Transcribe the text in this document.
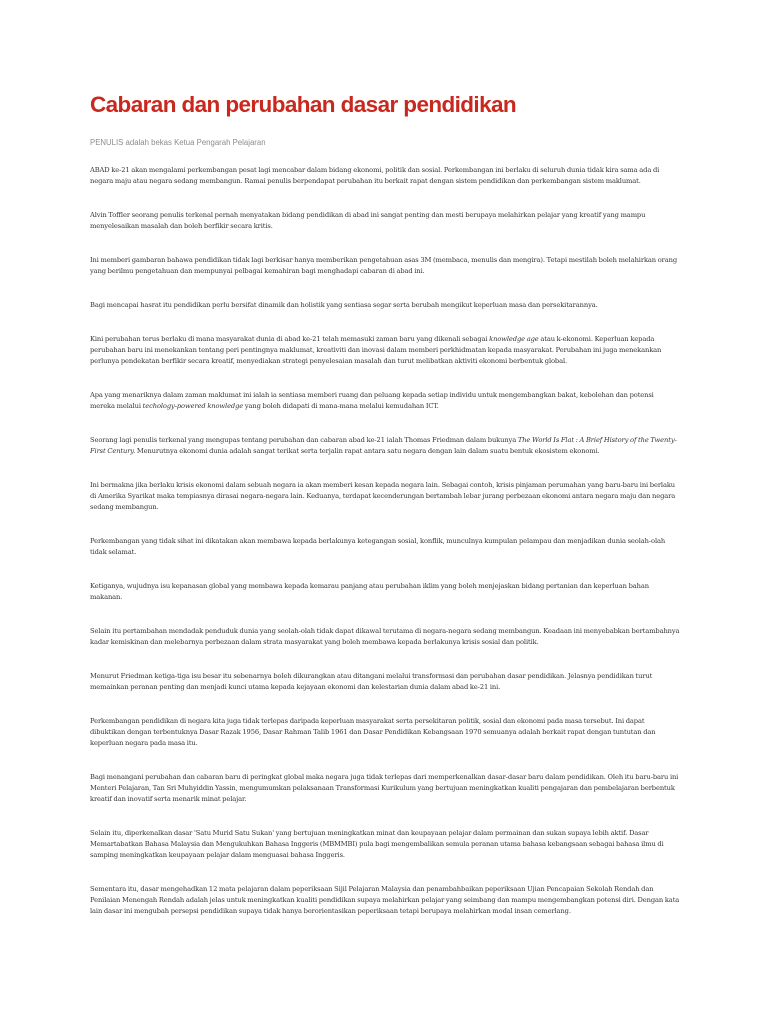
Cabaran dan perubahan dasar pendidikan
PENULIS adalah bekas Ketua Pengarah Pelajaran

ABAD ke-21 akan mengalami perkembangan pesat lagi mencabar dalam bidang ekonomi, politik dan sosial. Perkembangan ini berlaku di seluruh dunia tidak kira sama ada di negara maju atau negara sedang membangun. Ramai penulis berpendapat perubahan itu berkait rapat dengan sistem pendidikan dan perkembangan sistem maklumat.

Alvin Toffler seorang penulis terkenal pernah menyatakan bidang pendidikan di abad ini sangat penting dan mesti berupaya melahirkan pelajar yang kreatif yang mampu menyelesaikan masalah dan boleh berfikir secara kritis.

Ini memberi gambaran bahawa pendidikan tidak lagi berkisar hanya memberikan pengetahuan asas 3M (membaca, menulis dan mengira). Tetapi mestilah boleh melahirkan orang yang berilmu pengetahuan dan mempunyai pelbagai kemahiran bagi menghadapi cabaran di abad ini.

Bagi mencapai hasrat itu pendidikan perlu bersifat dinamik dan holistik yang sentiasa segar serta berubah mengikut keperluan masa dan persekitarannya.

Kini perubahan terus berlaku di mana masyarakat dunia di abad ke-21 telah memasuki zaman baru yang dikenali sebagai knowledge age atau k-ekonomi. Keperluan kepada perubahan baru ini menekankan tentang peri pentingnya maklumat, kreativiti dan inovasi dalam memberi perkhidmatan kepada masyarakat. Perubahan ini juga menekankan perlunya pendekatan berfikir secara kreatif, menyediakan strategi penyelesaian masalah dan turut melibatkan aktiviti ekonomi berbentuk global.

Apa yang menariknya dalam zaman maklumat ini ialah ia sentiasa memberi ruang dan peluang kepada setiap individu untuk mengembangkan bakat, kebolehan dan potensi mereka melalui techology-powered knowledge yang boleh didapati di mana-mana melalui kemudahan ICT.

Seorang lagi penulis terkenal yang mengupas tentang perubahan dan cabaran abad ke-21 ialah Thomas Friedman dalam bukunya The World Is Flat : A Brief History of the Twenty-First Century. Menurutnya ekonomi dunia adalah sangat terikat serta terjalin rapat antara satu negara dengan lain dalam suatu bentuk ekosistem ekonomi.

Ini bermakna jika berlaku krisis ekonomi dalam sebuah negara ia akan memberi kesan kepada negara lain. Sebagai contoh, krisis pinjaman perumahan yang baru-baru ini berlaku di Amerika Syarikat maka tempiasnya dirasai negara-negara lain. Keduanya, terdapat kecenderungan bertambah lebar jurang perbezaan ekonomi antara negara maju dan negara sedang membangun.

Perkembangan yang tidak sihat ini dikatakan akan membawa kepada berlakunya ketegangan sosial, konflik, munculnya kumpulan pelampau dan menjadikan dunia seolah-olah tidak selamat.

Ketiganya, wujudnya isu kepanasan global yang membawa kepada kemarau panjang atau perubahan iklim yang boleh menjejaskan bidang pertanian dan keperluan bahan makanan.

Selain itu pertambahan mendadak penduduk dunia yang seolah-olah tidak dapat dikawal terutama di negara-negara sedang membangun. Keadaan ini menyebabkan bertambahnya kadar kemiskinan dan melebarnya perbezaan dalam strata masyarakat yang boleh membawa kepada berlakunya krisis sosial dan politik.

Menurut Friedman ketiga-tiga isu besar itu sebenarnya boleh dikurangkan atau ditangani melalui transformasi dan perubahan dasar pendidikan. Jelasnya pendidikan turut memainkan peranan penting dan menjadi kunci utama kepada kejayaan ekonomi dan kelestarian dunia dalam abad ke-21 ini.

Perkembangan pendidikan di negara kita juga tidak terlepas daripada keperluan masyarakat serta persekitaran politik, sosial dan ekonomi pada masa tersebut. Ini dapat dibuktikan dengan terbentuknya Dasar Razak 1956, Dasar Rahman Talib 1961 dan Dasar Pendidikan Kebangsaan 1970 semuanya adalah berkait rapat dengan tuntutan dan keperluan negara pada masa itu.

Bagi menangani perubahan dan cabaran baru di peringkat global maka negara juga tidak terlepas dari memperkenalkan dasar-dasar baru dalam pendidikan. Oleh itu baru-baru ini Menteri Pelajaran, Tan Sri Muhyiddin Yassin, mengumumkan pelaksanaan Transformasi Kurikulum yang bertujuan meningkatkan kualiti pengajaran dan pembelajaran berbentuk kreatif dan inovatif serta menarik minat pelajar.

Selain itu, diperkenalkan dasar 'Satu Murid Satu Sukan' yang bertujuan meningkatkan minat dan keupayaan pelajar dalam permainan dan sukan supaya lebih aktif. Dasar Memartabatkan Bahasa Malaysia dan Mengukuhkan Bahasa Inggeris (MBMMBI) pula bagi mengembalikan semula peranan utama bahasa kebangsaan sebagai bahasa ilmu di samping meningkatkan keupayaan pelajar dalam menguasai bahasa Inggeris.

Sementara itu, dasar mengehadkan 12 mata pelajaran dalam peperiksaan Sijil Pelajaran Malaysia dan penambahbaikan peperiksaan Ujian Pencapaian Sekolah Rendah dan Penilaian Menengah Rendah adalah jelas untuk meningkatkan kualiti pendidikan supaya melahirkan pelajar yang seimbang dan mampu mengembangkan potensi diri. Dengan kata lain dasar ini mengubah persepsi pendidikan supaya tidak hanya berorientasikan peperiksaan tetapi berupaya melahirkan modal insan cemerlang.
